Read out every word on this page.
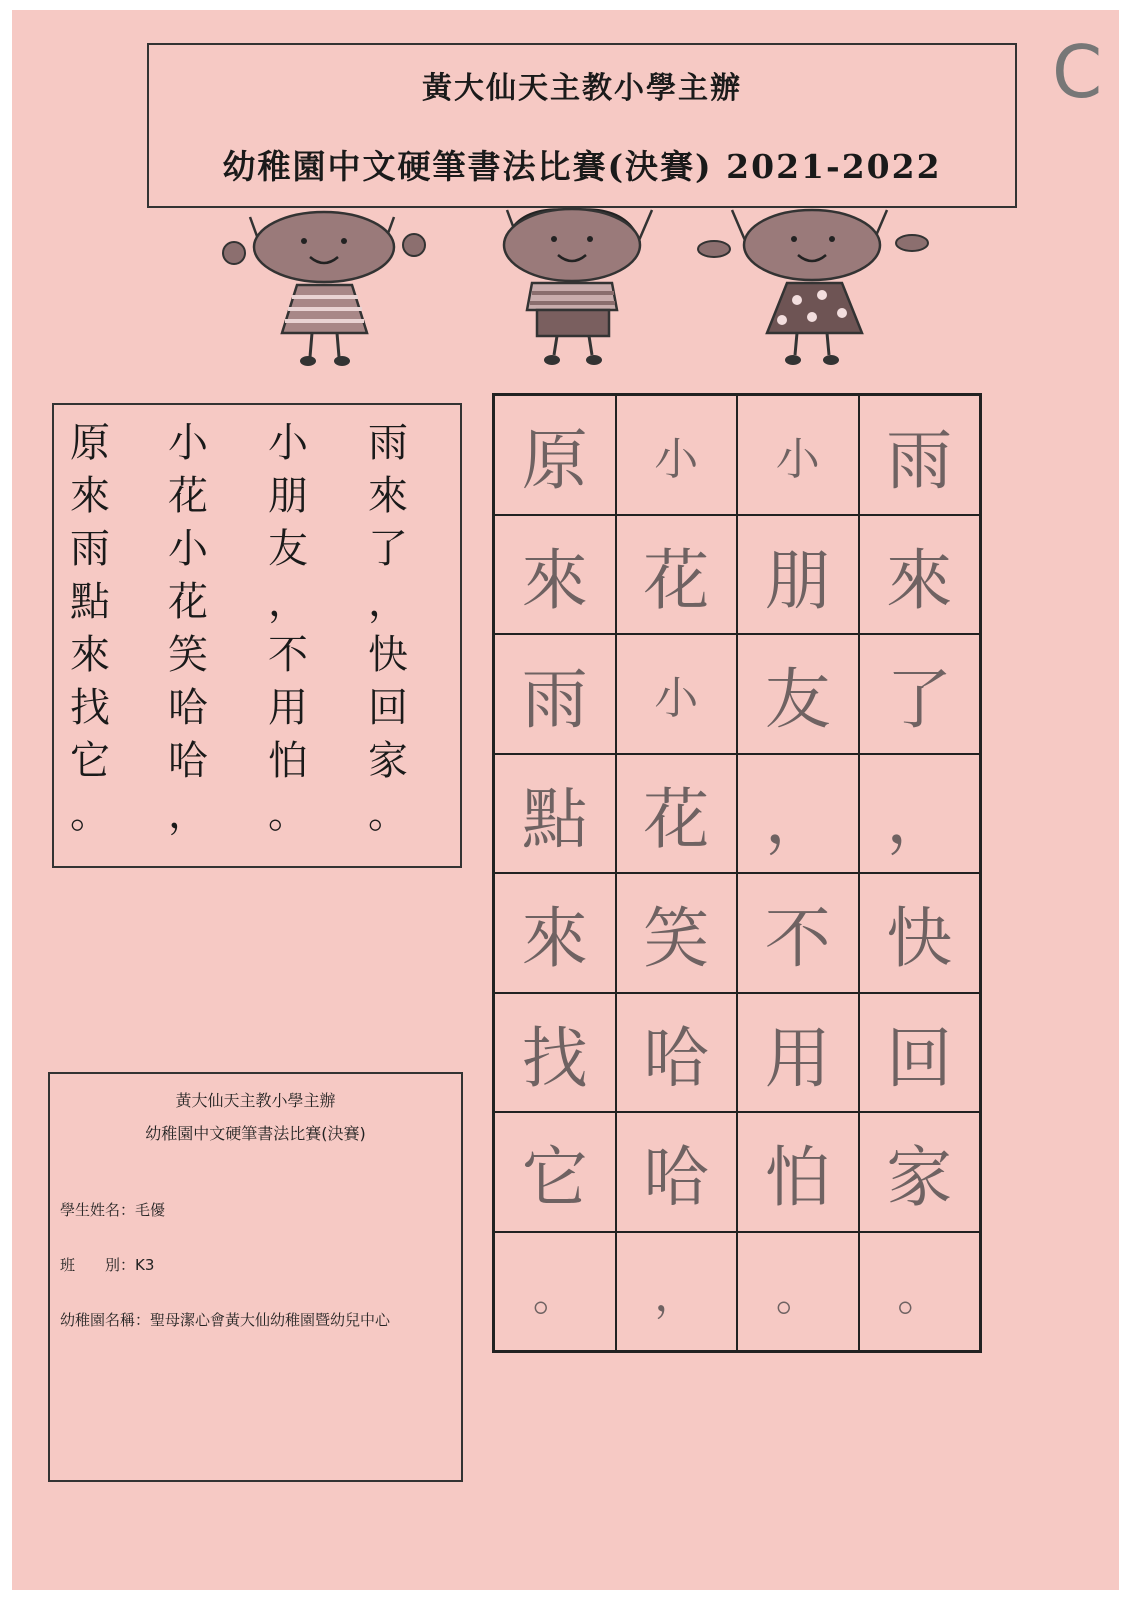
黃大仙天主教小學主辦
幼稚園中文硬筆書法比賽(決賽) 2021-2022
C
雨
來
了
，
快
回
家
。
小
朋
友
，
不
用
怕
。
小
花
小
花
笑
哈
哈
，
原
來
雨
點
來
找
它
。
原	小	小	雨
來 花 朋 來
雨	小	友 了
點 花 ， ，
來 笑 不 快
找 哈 用 回
它 哈 怕 家
。	，	。	。
黃大仙天主教小學主辦
幼稚園中文硬筆書法比賽(決賽)
學生姓名：毛優
班　　別：K3
幼稚園名稱：聖母潔心會黃大仙幼稚園暨幼兒中心
